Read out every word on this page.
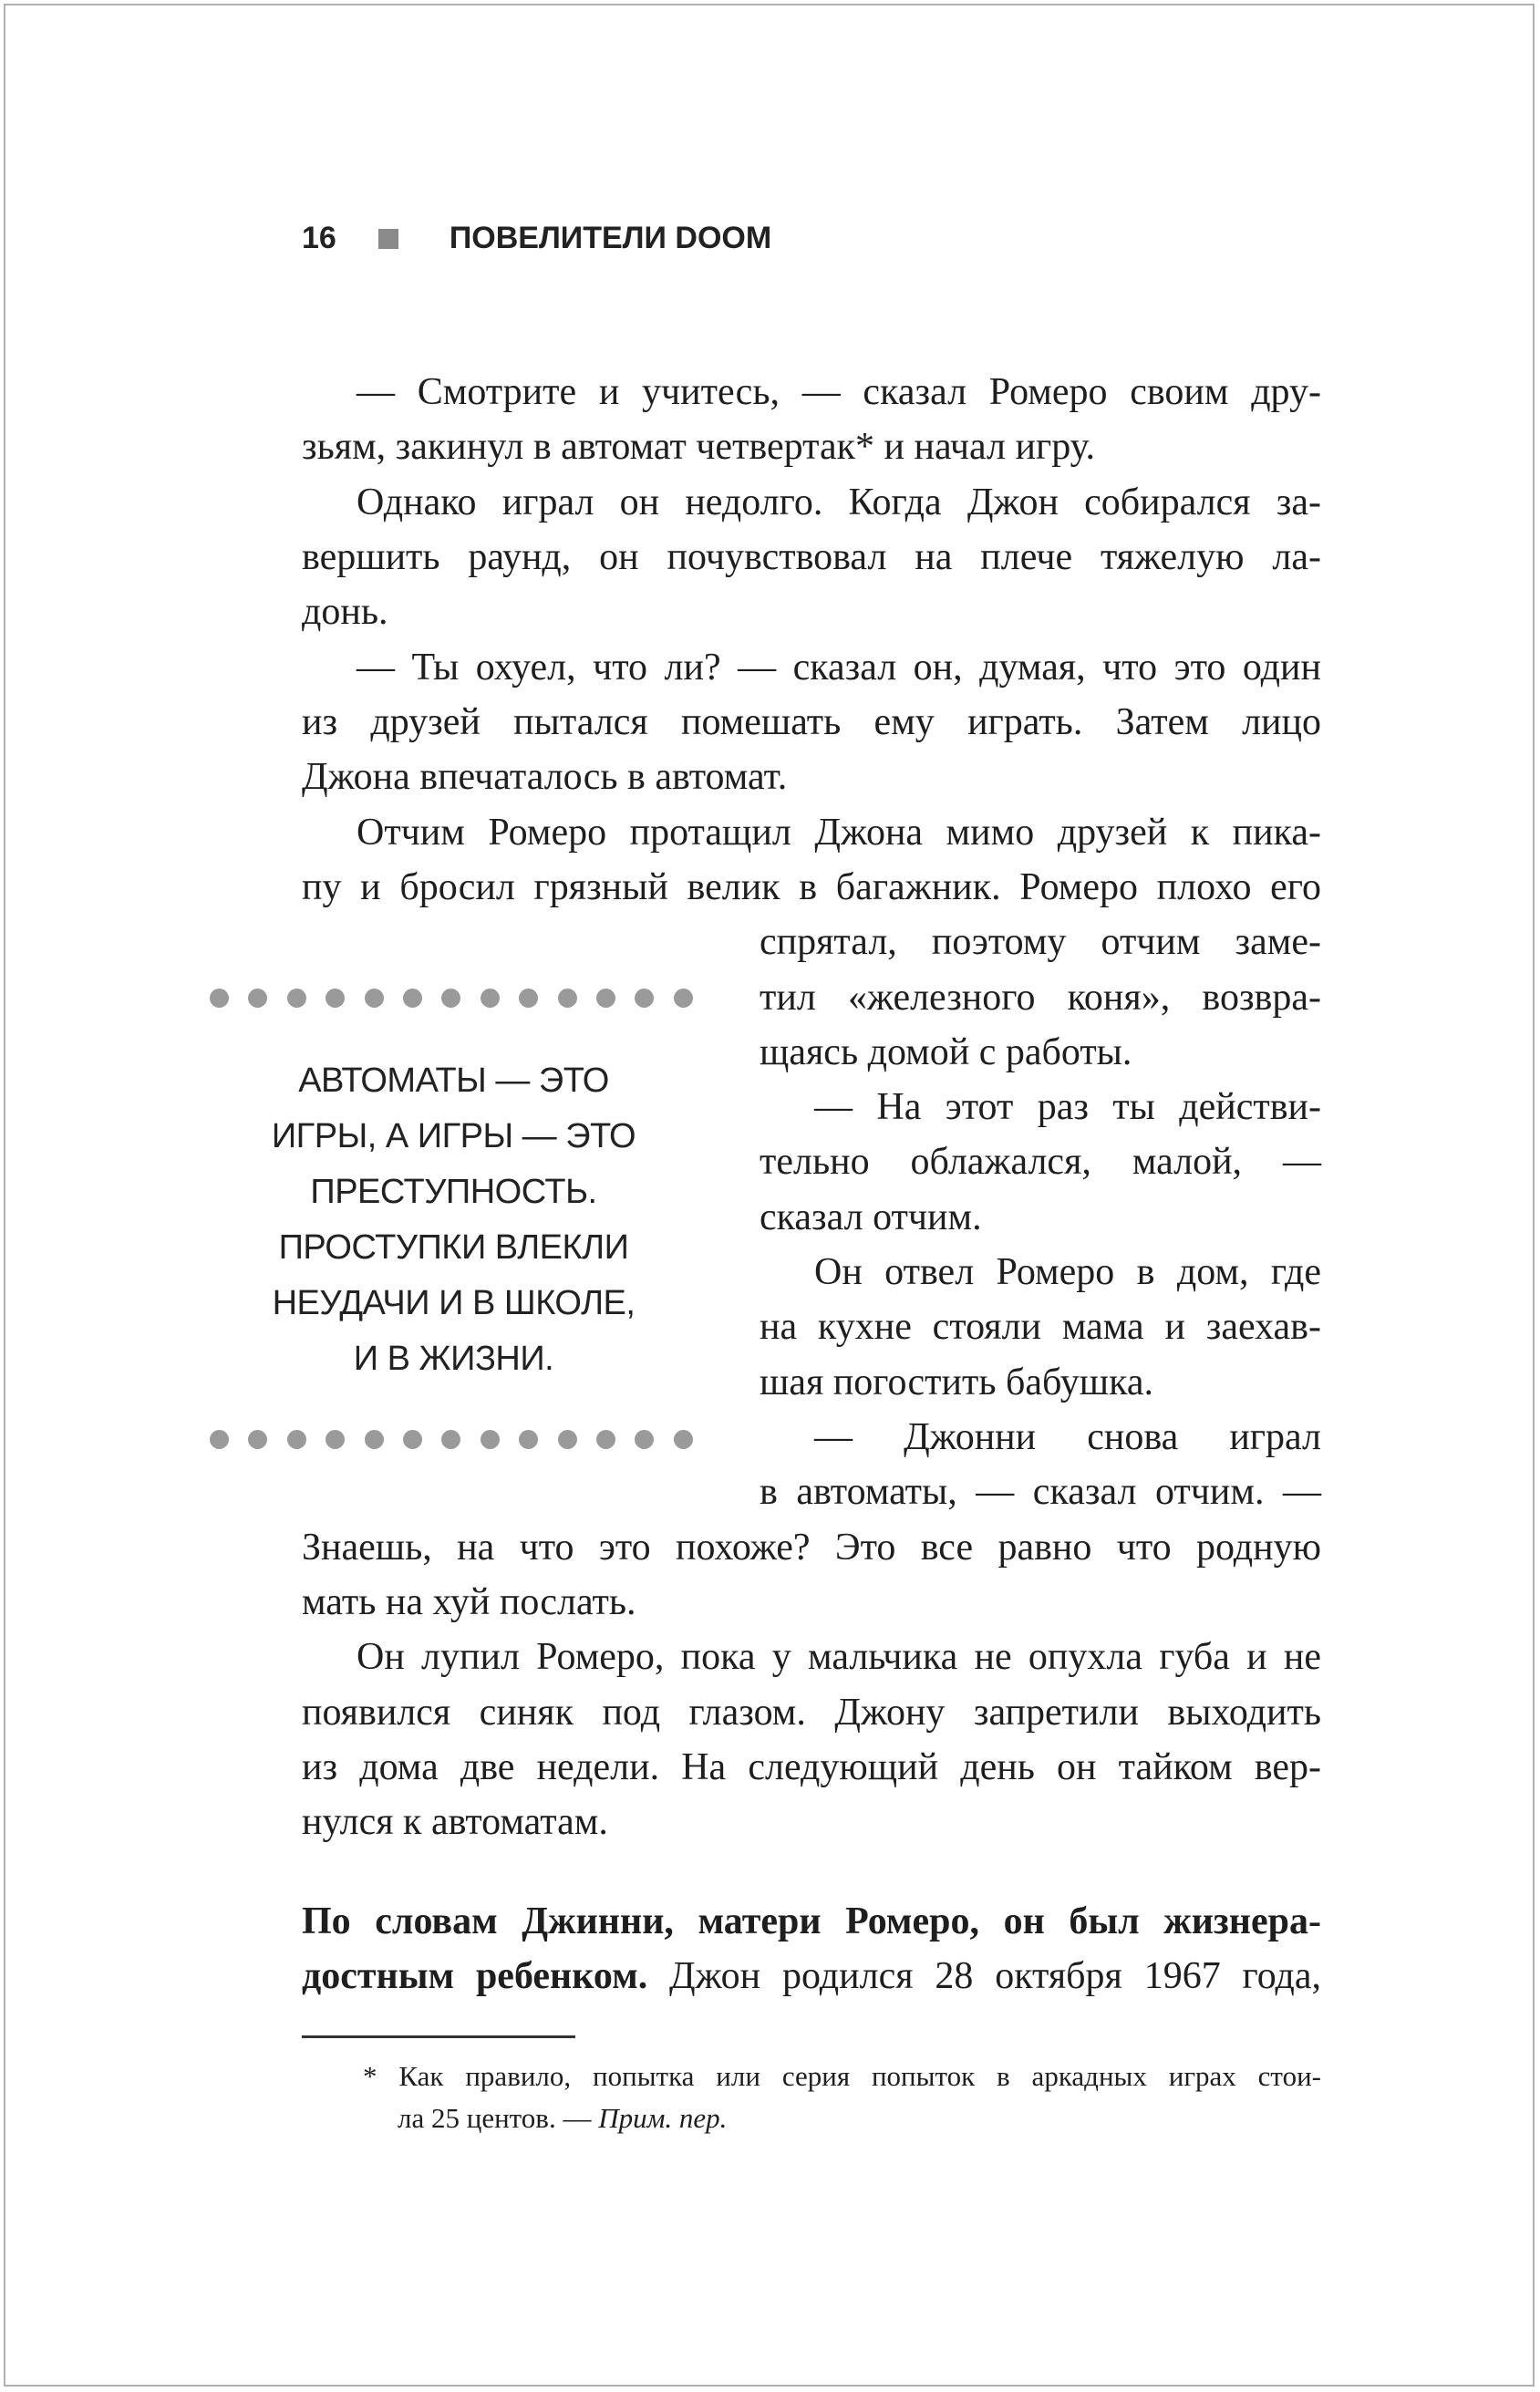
16	ПОВЕЛИТЕЛИ DOOM
— Смотрите и учитесь, — сказал Ромеро своим дру-
зьям, закинул в автомат четвертак* и начал игру.
Однако играл он недолго. Когда Джон собирался за-
вершить раунд, он почувствовал на плече тяжелую ла-
донь.
— Ты охуел, что ли? — сказал он, думая, что это один
из друзей пытался помешать ему играть. Затем лицо
Джона впечаталось в автомат.
Отчим Ромеро протащил Джона мимо друзей к пика-
пу и бросил грязный велик в багажник. Ромеро плохо его
спрятал, поэтому отчим заме-
тил «железного коня», возвра-
щаясь домой с работы.
— На этот раз ты действи-
тельно облажался, малой, —
сказал отчим.
Он отвел Ромеро в дом, где
на кухне стояли мама и заехав-
шая погостить бабушка.
— Джонни снова играл
в автоматы, — сказал отчим. —
АВТОМАТЫ — ЭТО
ИГРЫ, А ИГРЫ — ЭТО
ПРЕСТУПНОСТЬ.
ПРОСТУПКИ ВЛЕКЛИ
НЕУДАЧИ И В ШКОЛЕ,
И В ЖИЗНИ.
Знаешь, на что это похоже? Это все равно что родную
мать на хуй послать.
Он лупил Ромеро, пока у мальчика не опухла губа и не
появился синяк под глазом. Джону запретили выходить
из дома две недели. На следующий день он тайком вер-
нулся к автоматам.
По словам Джинни, матери Ромеро, он был жизнера-
достным ребенком. Джон родился 28 октября 1967 года,
* Как правило, попытка или серия попыток в аркадных играх стои-
ла 25 центов. — Прим. пер.
